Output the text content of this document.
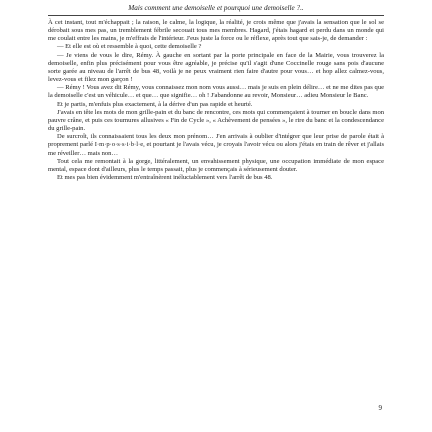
Mais comment une demoiselle et pourquoi une demoiselle ?..

À cet instant, tout m'échappait ; la raison, le calme, la logique, la réalité, je crois même que j'avais la sensation que le sol se dérobait sous mes pas, un tremblement fébrile secouait tous mes membres. Hagard, j'étais hagard et perdu dans un monde qui me coulait entre les mains, je m'effrais de l'intérieur. J'eus juste la force ou le réflexe, après tout que sais-je, de demander :

— Et elle est où et ressemble à quoi, cette demoiselle ?

— Je viens de vous le dire, Rémy. À gauche en sortant par la porte principale en face de la Mairie, vous trouverez la demoiselle, enfin plus précisément pour vous être agréable, je précise qu'il s'agit d'une Coccinelle rouge sans pois d'aucune sorte garée au niveau de l'arrêt de bus 48, voilà je ne peux vraiment rien faire d'autre pour vous… et hop allez calmez-vous, levez-vous et filez mon garçon !

— Rémy ! Vous avez dit Rémy, vous connaissez mon nom vous aussi… mais je suis en plein délire… et ne me dites pas que la demoiselle c'est un véhicule… et que… que signifie… oh ! J'abandonne au revoir, Monsieur… adieu Monsieur le Banc.

Et je partis, m'enfuis plus exactement, à la dérive d'un pas rapide et heurté.

J'avais en tête les mots de mon grille-pain et du banc de rencontre, ces mots qui commençaient à tourner en boucle dans mon pauvre crâne, et puis ces tournures allusives « Fin de Cycle », « Achèvement de pensées », le rire du banc et la condescendance du grille-pain.

De surcroît, ils connaissaient tous les deux mon prénom… J'en arrivais à oublier d'intégrer que leur prise de parole était à proprement parlé I·m·p·o·s·s·i·b·l·e, et pourtant je l'avais vécu, je croyais l'avoir vécu ou alors j'étais en train de rêver et j'allais me réveiller… mais non…

Tout cela me remontait à la gorge, littéralement, un envahissement physique, une occupation immédiate de mon espace mental, espace dont d'ailleurs, plus le temps passait, plus je commençais à sérieusement douter.

Et mes pas bien évidemment m'entraînèrent inéluctablement vers l'arrêt de bus 48.

9
